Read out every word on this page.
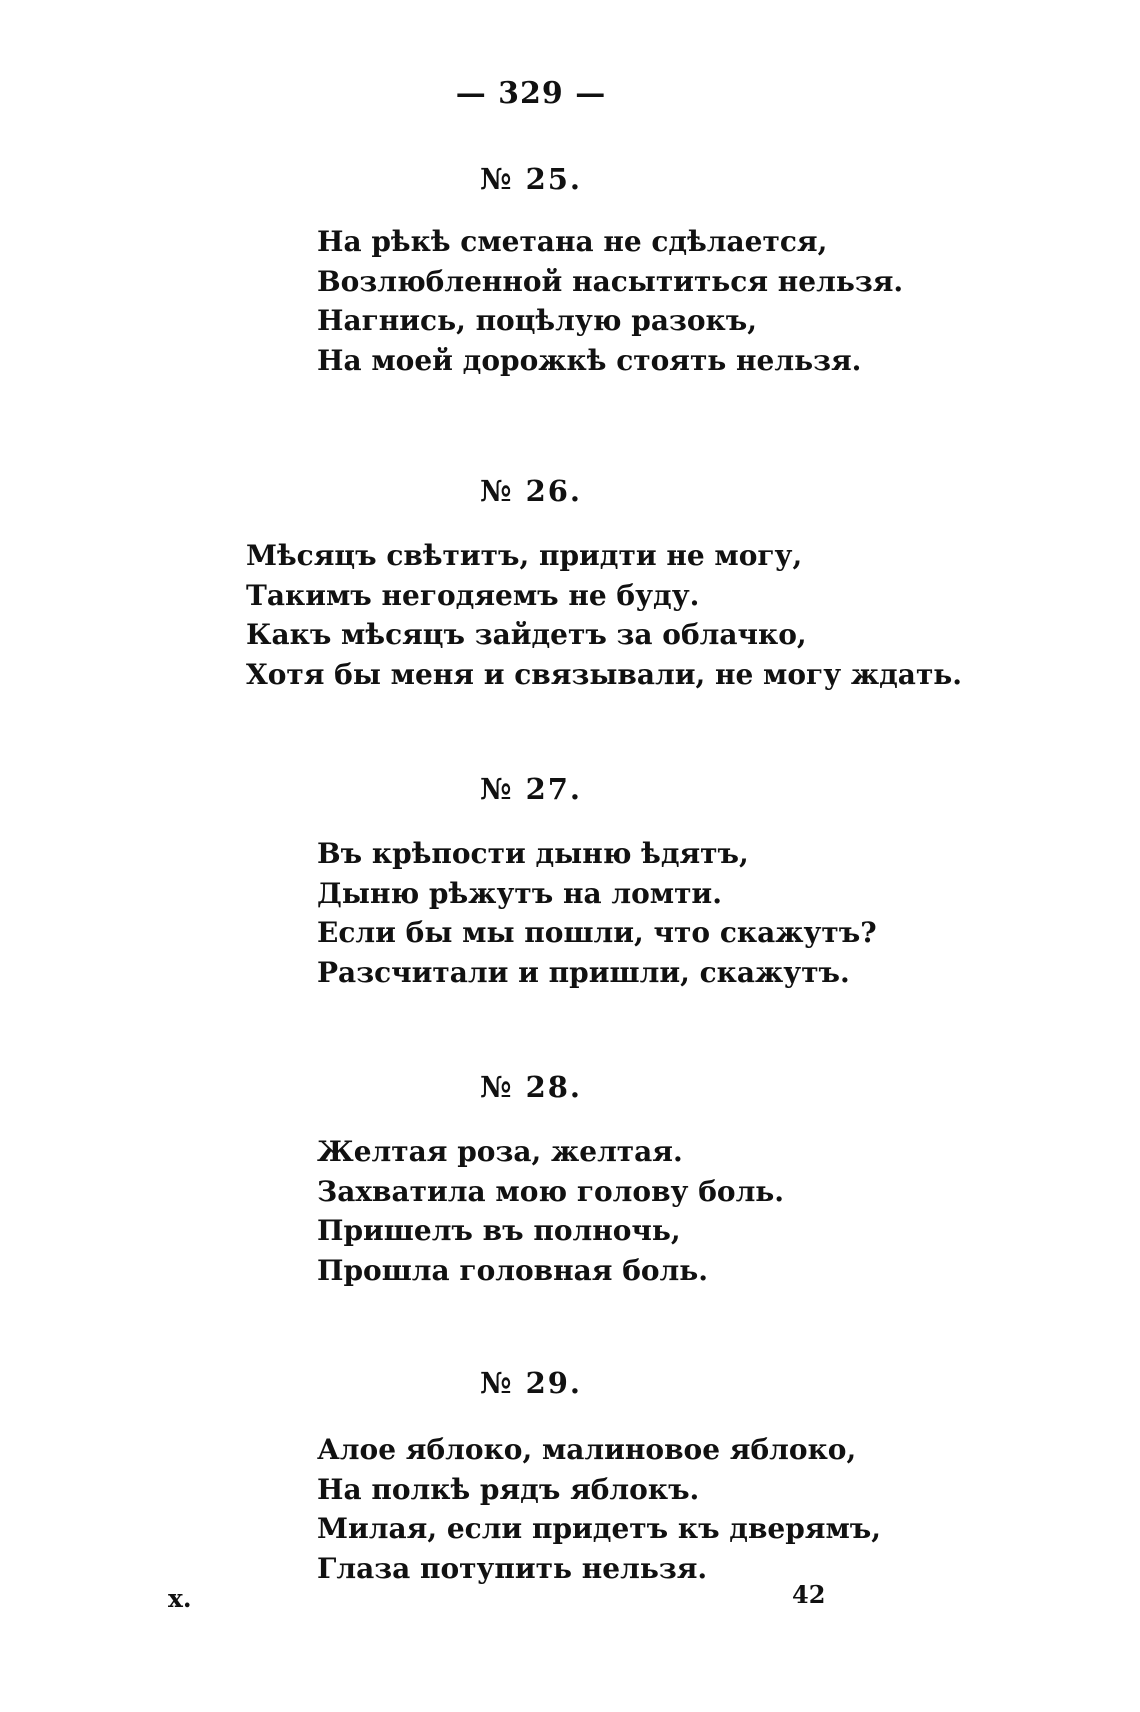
— 329 —
№ 25.
На рѣкѣ сметана не сдѣлается,
Возлюбленной насытиться нельзя.
Нагнись, поцѣлую разокъ,
На моей дорожкѣ стоять нельзя.
№ 26.
Мѣсяцъ свѣтитъ, придти не могу,
Такимъ негодяемъ не буду.
Какъ мѣсяцъ зайдетъ за облачко,
Хотя бы меня и связывали, не могу ждать.
№ 27.
Въ крѣпости дыню ѣдятъ,
Дыню рѣжутъ на ломти.
Если бы мы пошли, что скажутъ?
Разсчитали и пришли, скажутъ.
№ 28.
Желтая роза, желтая.
Захватила мою голову боль.
Пришелъ въ полночь,
Прошла головная боль.
№ 29.
Алое яблоко, малиновое яблоко,
На полкѣ рядъ яблокъ.
Милая, если придетъ къ дверямъ,
Глаза потупить нельзя.
x.	42
